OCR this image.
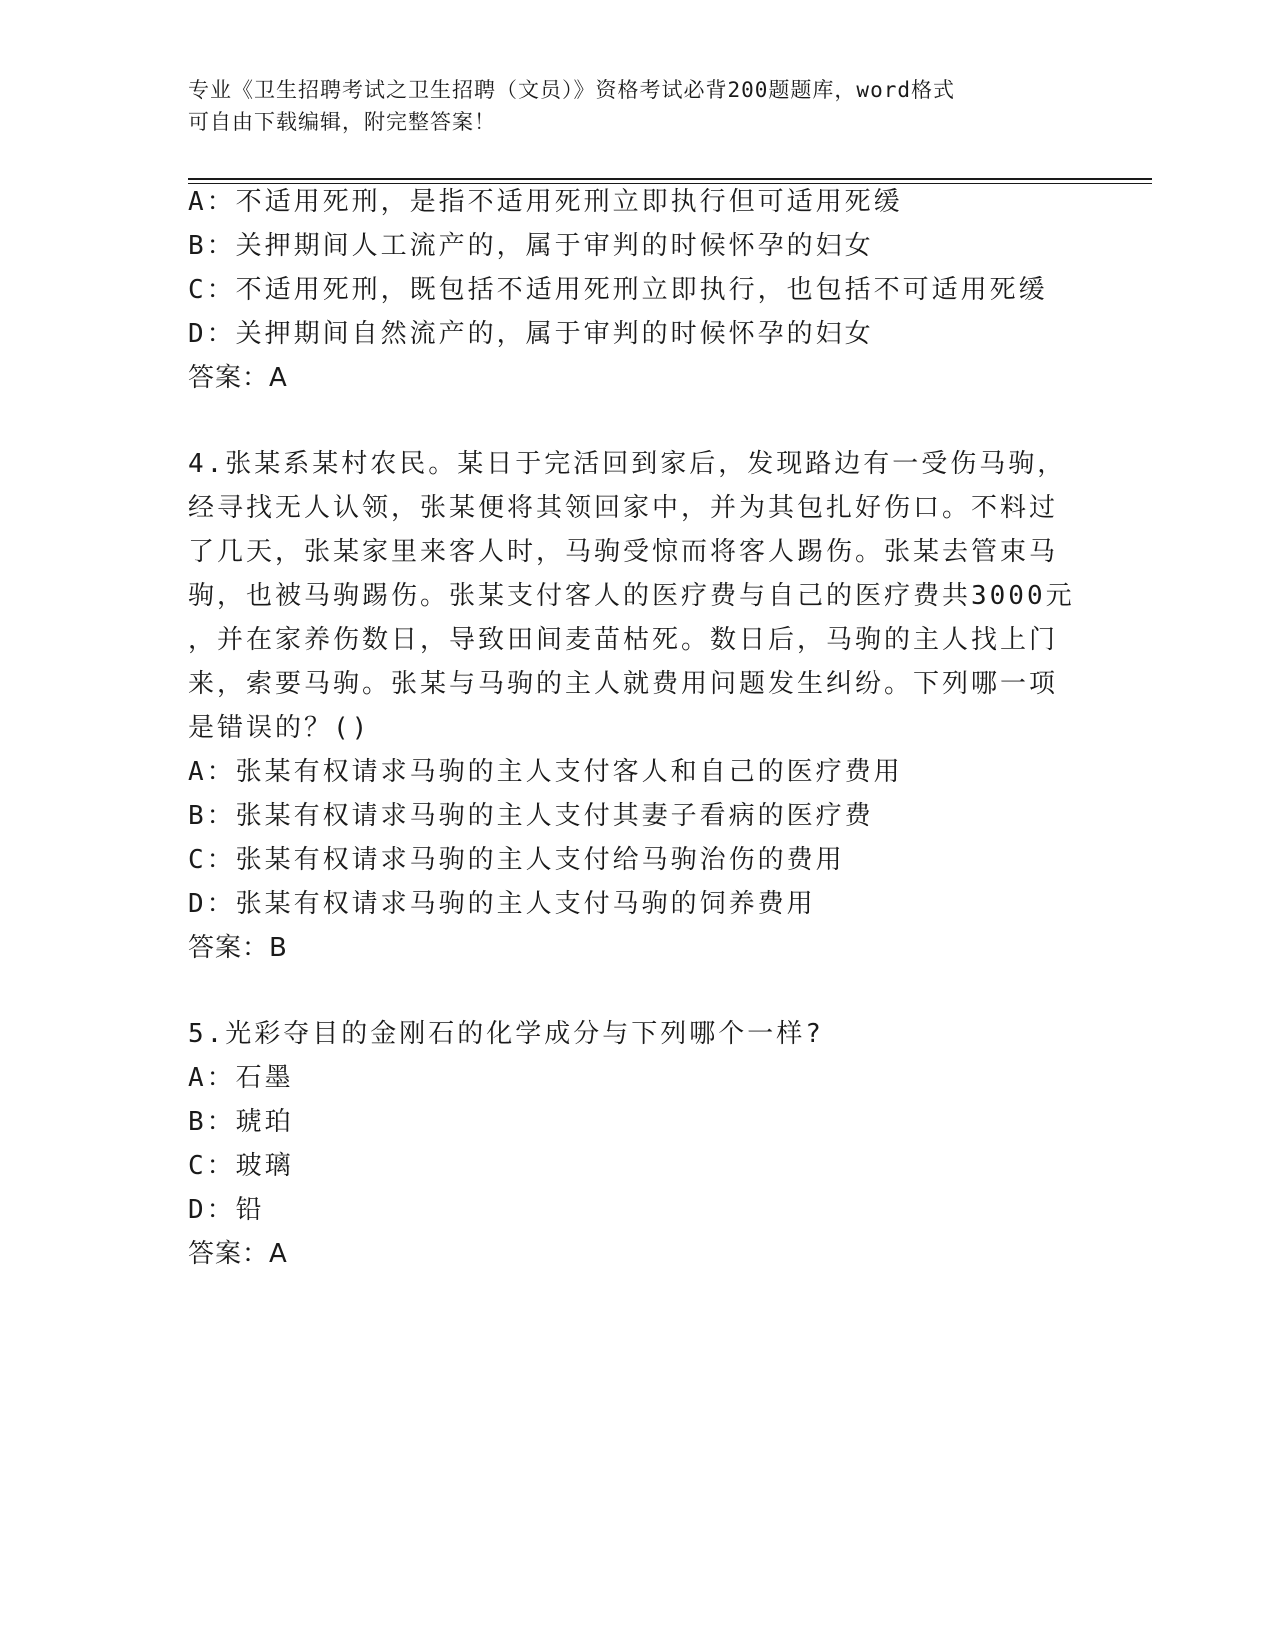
专业《卫生招聘考试之卫生招聘（文员）》资格考试必背200题题库，word格式
可自由下载编辑，附完整答案！
A：不适用死刑，是指不适用死刑立即执行但可适用死缓
B：关押期间人工流产的，属于审判的时候怀孕的妇女
C：不适用死刑，既包括不适用死刑立即执行，也包括不可适用死缓
D：关押期间自然流产的，属于审判的时候怀孕的妇女
答案：A
4.张某系某村农民。某日于完活回到家后，发现路边有一受伤马驹，
经寻找无人认领，张某便将其领回家中，并为其包扎好伤口。不料过
了几天，张某家里来客人时，马驹受惊而将客人踢伤。张某去管束马
驹，也被马驹踢伤。张某支付客人的医疗费与自己的医疗费共3000元
，并在家养伤数日，导致田间麦苗枯死。数日后，马驹的主人找上门
来，索要马驹。张某与马驹的主人就费用问题发生纠纷。下列哪一项
是错误的？()
A：张某有权请求马驹的主人支付客人和自己的医疗费用
B：张某有权请求马驹的主人支付其妻子看病的医疗费
C：张某有权请求马驹的主人支付给马驹治伤的费用
D：张某有权请求马驹的主人支付马驹的饲养费用
答案：B
5.光彩夺目的金刚石的化学成分与下列哪个一样?
A：石墨
B：琥珀
C：玻璃
D：铅
答案：A
